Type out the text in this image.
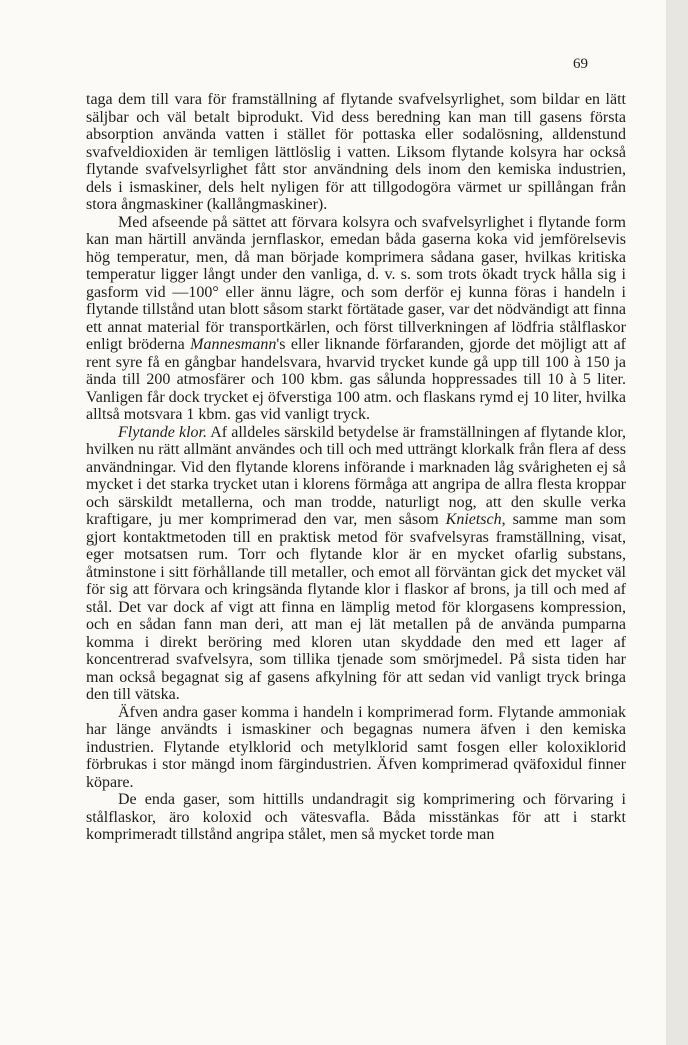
69

taga dem till vara för framställning af flytande svafvelsyrlighet, som bildar en lätt säljbar och väl betalt biprodukt. Vid dess beredning kan man till gasens första absorption använda vatten i stället för pottaska eller sodalösning, alldenstund svafveldioxiden är temligen lättlöslig i vatten. Liksom flytande kolsyra har också flytande svafvelsyrlighet fått stor användning dels inom den kemiska industrien, dels i ismaskiner, dels helt nyligen för att tillgodogöra värmet ur spillångan från stora ångmaskiner (kallångmaskiner).

Med afseende på sättet att förvara kolsyra och svafvelsyrlighet i flytande form kan man härtill använda jernflaskor, emedan båda gaserna koka vid jemförelsevis hög temperatur, men, då man började komprimera sådana gaser, hvilkas kritiska temperatur ligger långt under den vanliga, d. v. s. som trots ökadt tryck hålla sig i gasform vid —100° eller ännu lägre, och som derför ej kunna föras i handeln i flytande tillstånd utan blott såsom starkt förtätade gaser, var det nödvändigt att finna ett annat material för transportkärlen, och först tillverkningen af lödfria stålflaskor enligt bröderna Mannesmann's eller liknande förfaranden, gjorde det möjligt att af rent syre få en gångbar handelsvara, hvarvid trycket kunde gå upp till 100 à 150 ja ända till 200 atmosfärer och 100 kbm. gas sålunda hoppressades till 10 à 5 liter. Vanligen får dock trycket ej öfverstiga 100 atm. och flaskans rymd ej 10 liter, hvilka alltså motsvara 1 kbm. gas vid vanligt tryck.

Flytande klor. Af alldeles särskild betydelse är framställningen af flytande klor, hvilken nu rätt allmänt användes och till och med utträngt klorkalk från flera af dess användningar. Vid den flytande klorens införande i marknaden låg svårigheten ej så mycket i det starka trycket utan i klorens förmåga att angripa de allra flesta kroppar och särskildt metallerna, och man trodde, naturligt nog, att den skulle verka kraftigare, ju mer komprimerad den var, men såsom Knietsch, samme man som gjort kontaktmetoden till en praktisk metod för svafvelsyras framställning, visat, eger motsatsen rum. Torr och flytande klor är en mycket ofarlig substans, åtminstone i sitt förhållande till metaller, och emot all förväntan gick det mycket väl för sig att förvara och kringsända flytande klor i flaskor af brons, ja till och med af stål. Det var dock af vigt att finna en lämplig metod för klorgasens kompression, och en sådan fann man deri, att man ej lät metallen på de använda pumparna komma i direkt beröring med kloren utan skyddade den med ett lager af koncentrerad svafvelsyra, som tillika tjenade som smörjmedel. På sista tiden har man också begagnat sig af gasens afkylning för att sedan vid vanligt tryck bringa den till vätska.

Äfven andra gaser komma i handeln i komprimerad form. Flytande ammoniak har länge användts i ismaskiner och begagnas numera äfven i den kemiska industrien. Flytande etylklorid och metylklorid samt fosgen eller koloxiklorid förbrukas i stor mängd inom färgindustrien. Äfven komprimerad qväfoxidul finner köpare.

De enda gaser, som hittills undandragit sig komprimering och förvaring i stålflaskor, äro koloxid och vätesvafla. Båda misstänkas för att i starkt komprimeradt tillstånd angripa stålet, men så mycket torde man
